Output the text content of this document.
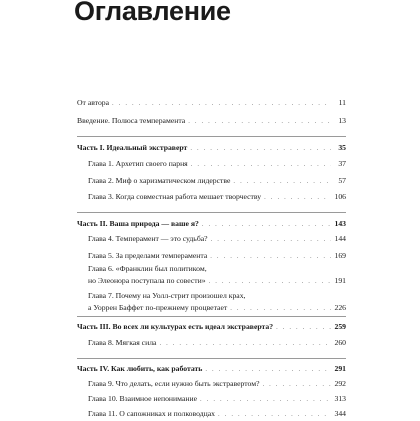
Оглавление
От автора . . .	11
Введение. Полюса темперамента . . .	13
Часть I. Идеальный экстраверт . . .	35
Глава 1. Архетип своего парня . . .	37
Глава 2. Миф о харизматическом лидерстве . . .	57
Глава 3. Когда совместная работа мешает творчеству . . .	106
Часть II. Ваша природа — ваше я? . . .	143
Глава 4. Темперамент — это судьба? . . .	144
Глава 5. За пределами темперамента . . .	169
Глава 6. «Франклин был политиком,
но Элеонора поступала по совести» . . .	191
Глава 7. Почему на Уолл-стрит произошел крах,
а Уоррен Баффет по-прежнему процветает . . .	226
Часть III. Во всех ли культурах есть идеал экстраверта? . . .	259
Глава 8. Мягкая сила . . .	260
Часть IV. Как любить, как работать . . .	291
Глава 9. Что делать, если нужно быть экстравертом? . . .	292
Глава 10. Взаимное непонимание . . .	313
Глава 11. О сапожниках и полководцах . . .	344
